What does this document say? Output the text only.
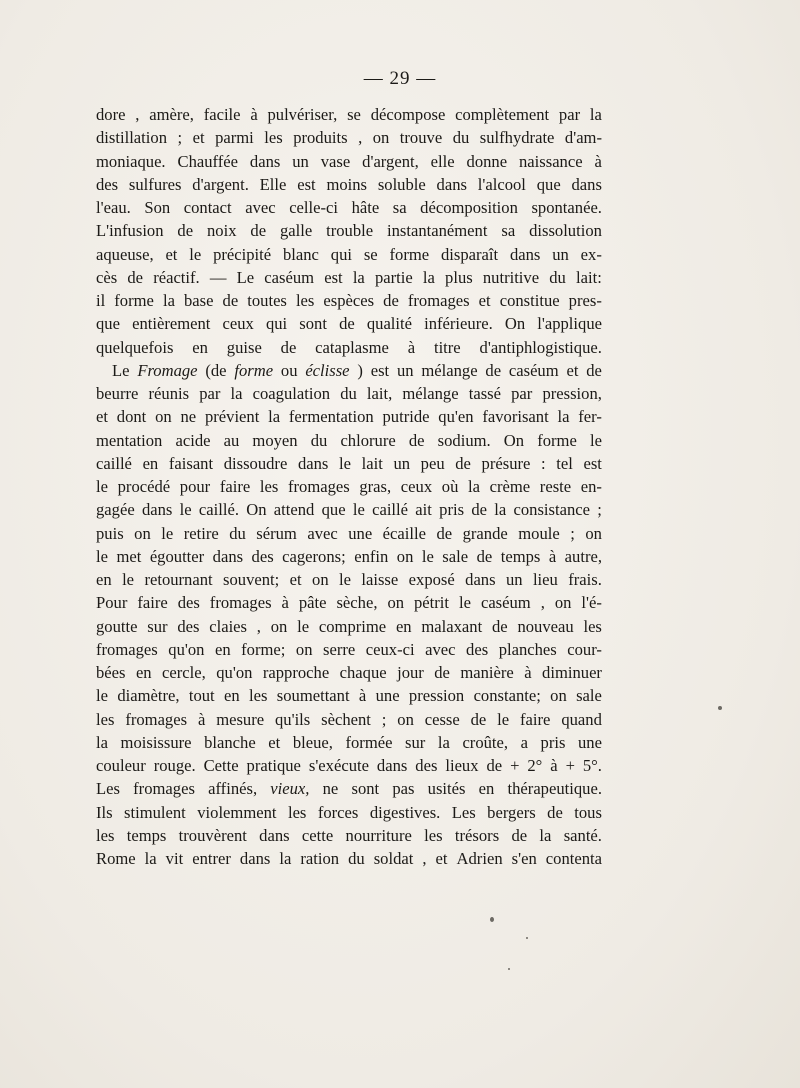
— 29 —
dore , amère, facile à pulvériser, se décompose complètement par la
distillation ; et parmi les produits , on trouve du sulfhydrate d'am-
moniaque. Chauffée dans un vase d'argent, elle donne naissance à
des sulfures d'argent. Elle est moins soluble dans l'alcool que dans
l'eau. Son contact avec celle-ci hâte sa décomposition spontanée.
L'infusion de noix de galle trouble instantanément sa dissolution
aqueuse, et le précipité blanc qui se forme disparaît dans un ex-
cès de réactif. — Le caséum est la partie la plus nutritive du lait:
il forme la base de toutes les espèces de fromages et constitue pres-
que entièrement ceux qui sont de qualité inférieure. On l'applique
quelquefois en guise de cataplasme à titre d'antiphlogistique.
Le Fromage (de forme ou éclisse ) est un mélange de caséum et de
beurre réunis par la coagulation du lait, mélange tassé par pression,
et dont on ne prévient la fermentation putride qu'en favorisant la fer-
mentation acide au moyen du chlorure de sodium. On forme le
caillé en faisant dissoudre dans le lait un peu de présure : tel est
le procédé pour faire les fromages gras, ceux où la crème reste en-
gagée dans le caillé. On attend que le caillé ait pris de la consistance ;
puis on le retire du sérum avec une écaille de grande moule ; on
le met égoutter dans des cagerons; enfin on le sale de temps à autre,
en le retournant souvent; et on le laisse exposé dans un lieu frais.
Pour faire des fromages à pâte sèche, on pétrit le caséum , on l'é-
goutte sur des claies , on le comprime en malaxant de nouveau les
fromages qu'on en forme; on serre ceux-ci avec des planches cour-
bées en cercle, qu'on rapproche chaque jour de manière à diminuer
le diamètre, tout en les soumettant à une pression constante; on sale
les fromages à mesure qu'ils sèchent ; on cesse de le faire quand
la moisissure blanche et bleue, formée sur la croûte, a pris une
couleur rouge. Cette pratique s'exécute dans des lieux de + 2° à + 5°.
Les fromages affinés, vieux, ne sont pas usités en thérapeutique.
Ils stimulent violemment les forces digestives. Les bergers de tous
les temps trouvèrent dans cette nourriture les trésors de la santé.
Rome la vit entrer dans la ration du soldat , et Adrien s'en contenta
